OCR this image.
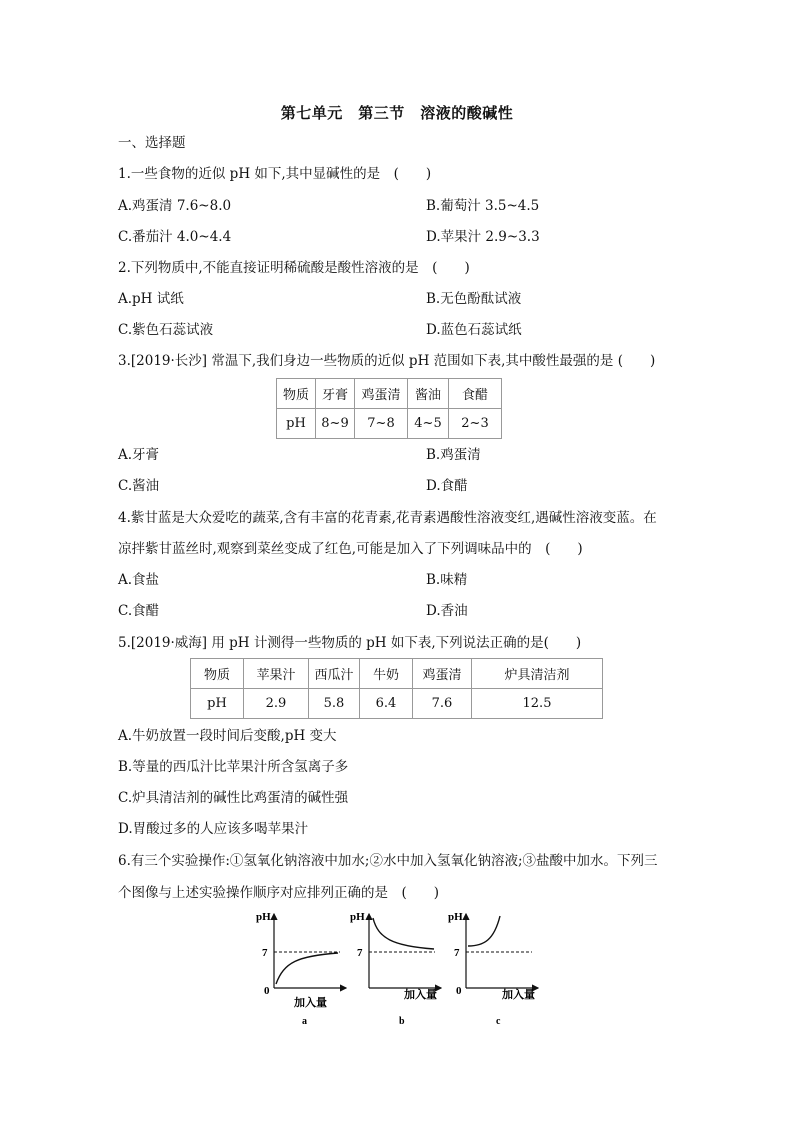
第七单元　第三节　溶液的酸碱性
一、选择题
1.一些食物的近似 pH 如下,其中显碱性的是　(　　)
A.鸡蛋清 7.6~8.0	B.葡萄汁 3.5~4.5
C.番茄汁 4.0~4.4	D.苹果汁 2.9~3.3
2.下列物质中,不能直接证明稀硫酸是酸性溶液的是　(　　)
A.pH 试纸	B.无色酚酞试液
C.紫色石蕊试液	D.蓝色石蕊试纸
3.[2019·长沙] 常温下,我们身边一些物质的近似 pH 范围如下表,其中酸性最强的是 (　　)
物质	牙膏	鸡蛋清	酱油	食醋
pH	8~9	7~8	4~5	2~3
A.牙膏	B.鸡蛋清
C.酱油	D.食醋
4.紫甘蓝是大众爱吃的蔬菜,含有丰富的花青素,花青素遇酸性溶液变红,遇碱性溶液变蓝。在
凉拌紫甘蓝丝时,观察到菜丝变成了红色,可能是加入了下列调味品中的　(　　)
A.食盐	B.味精
C.食醋	D.香油
5.[2019·威海] 用 pH 计测得一些物质的 pH 如下表,下列说法正确的是(　　)
物质	苹果汁	西瓜汁	牛奶	鸡蛋清	炉具清洁剂
pH	2.9	5.8	6.4	7.6	12.5
A.牛奶放置一段时间后变酸,pH 变大
B.等量的西瓜汁比苹果汁所含氢离子多
C.炉具清洁剂的碱性比鸡蛋清的碱性强
D.胃酸过多的人应该多喝苹果汁
6.有三个实验操作:①氢氧化钠溶液中加水;②水中加入氢氧化钠溶液;③盐酸中加水。下列三
个图像与上述实验操作顺序对应排列正确的是　(　　)
pH
7
0
加入量
a
pH
7
加入量
b
pH
7
0	加入量
c
